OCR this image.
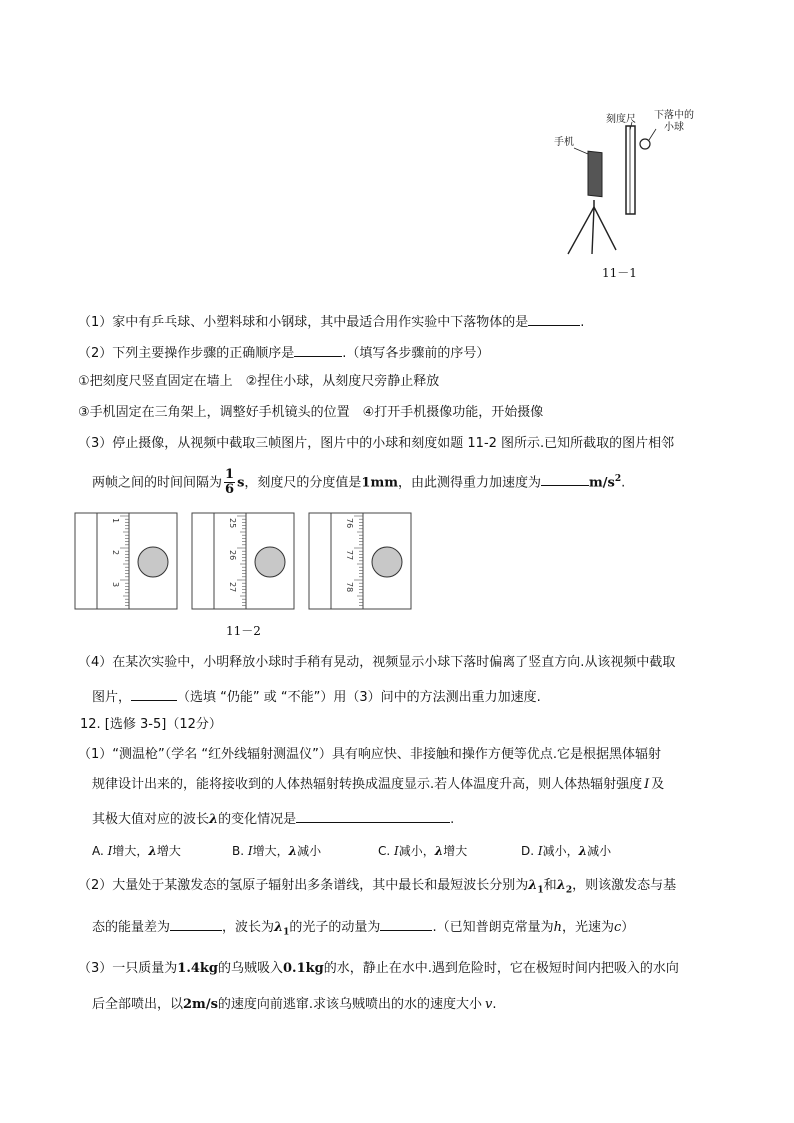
刻度尺 下落中的
小球
手机
11－1
（1）家中有乒乓球、小塑料球和小钢球，其中最适合用作实验中下落物体的是	.
（2）下列主要操作步骤的正确顺序是	.（填写各步骤前的序号）
①把刻度尺竖直固定在墙上　②捏住小球，从刻度尺旁静止释放
③手机固定在三角架上，调整好手机镜头的位置　④打开手机摄像功能，开始摄像
（3）停止摄像，从视频中截取三帧图片，图片中的小球和刻度如题 11-2 图所示.已知所截取的图片相邻
两帧之间的时间间隔为 $\frac{1}{6}$ s，刻度尺的分度值是1mm，由此测得重力加速度为	$m/s^2$.
1
2
3
25
26
27
76
77
78
11－2
（4）在某次实验中，小明释放小球时手稍有晃动，视频显示小球下落时偏离了竖直方向.从该视频中截取
图片，	（选填 “仍能” 或 “不能”）用（3）问中的方法测出重力加速度.
12. [选修 3-5]（12分）
（1）“测温枪”（学名 “红外线辐射测温仪”）具有响应快、非接触和操作方便等优点.它是根据黑体辐射
规律设计出来的，能将接收到的人体热辐射转换成温度显示.若人体温度升高，则人体热辐射强度 I 及
其极大值对应的波长λ的变化情况是	.
A. I增大，λ增大	B. I增大，λ减小	C. I减小，λ增大	D. I减小，λ减小
（2）大量处于某激发态的氢原子辐射出多条谱线，其中最长和最短波长分别为$\lambda_1$和$\lambda_2$，则该激发态与基
态的能量差为	，波长为$\lambda_1$的光子的动量为	.（已知普朗克常量为h，光速为c）
（3）一只质量为1.4kg的乌贼吸入0.1kg的水，静止在水中.遇到危险时，它在极短时间内把吸入的水向
后全部喷出，以2m/s的速度向前逃窜.求该乌贼喷出的水的速度大小 v.
